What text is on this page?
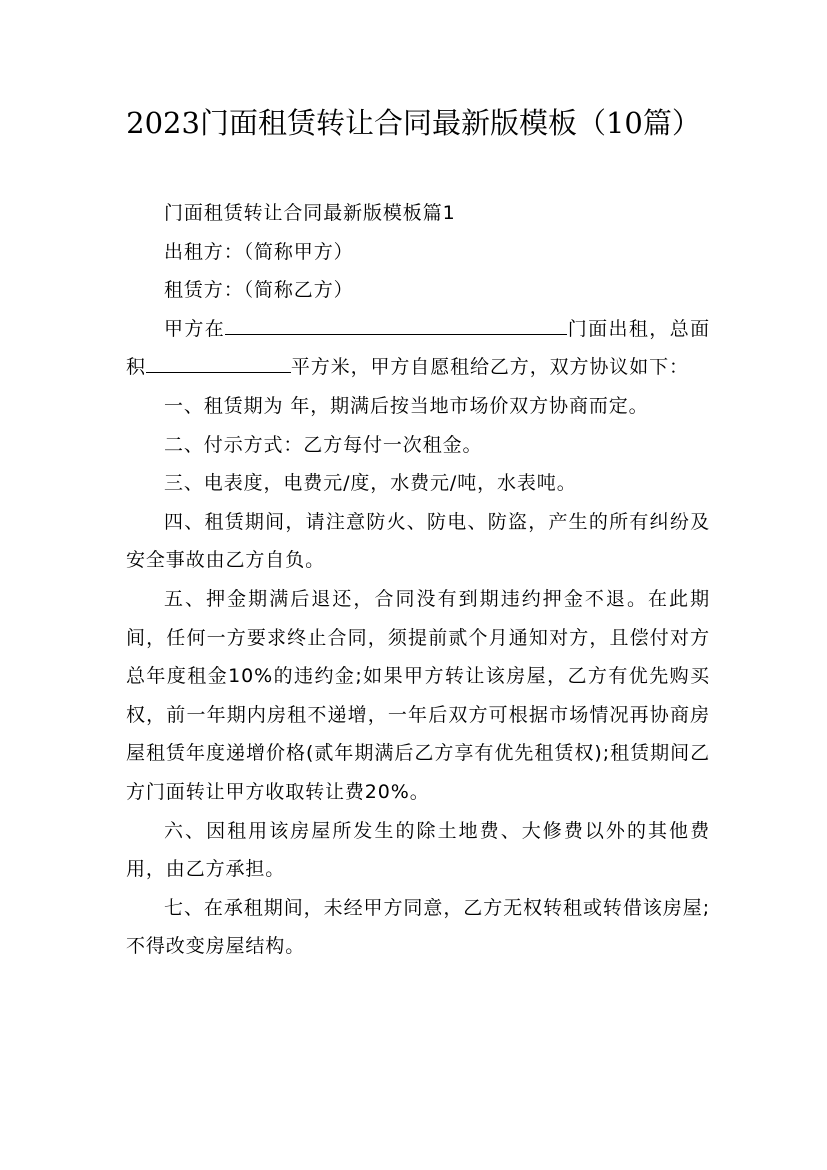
2023门面租赁转让合同最新版模板（10篇）

门面租赁转让合同最新版模板篇1

出租方：（简称甲方）

租赁方：（简称乙方）

甲方在	门面出租，总面积	平方米，甲方自愿租给乙方，双方协议如下：

一、租赁期为 年，期满后按当地市场价双方协商而定。

二、付示方式：乙方每付一次租金。

三、电表度，电费元/度，水费元/吨，水表吨。

四、租赁期间，请注意防火、防电、防盗，产生的所有纠纷及安全事故由乙方自负。

五、押金期满后退还，合同没有到期违约押金不退。在此期间，任何一方要求终止合同，须提前贰个月通知对方，且偿付对方总年度租金10%的违约金;如果甲方转让该房屋，乙方有优先购买权，前一年期内房租不递增，一年后双方可根据市场情况再协商房屋租赁年度递增价格(贰年期满后乙方享有优先租赁权);租赁期间乙方门面转让甲方收取转让费20%。

六、因租用该房屋所发生的除土地费、大修费以外的其他费用，由乙方承担。

七、在承租期间，未经甲方同意，乙方无权转租或转借该房屋;不得改变房屋结构。
